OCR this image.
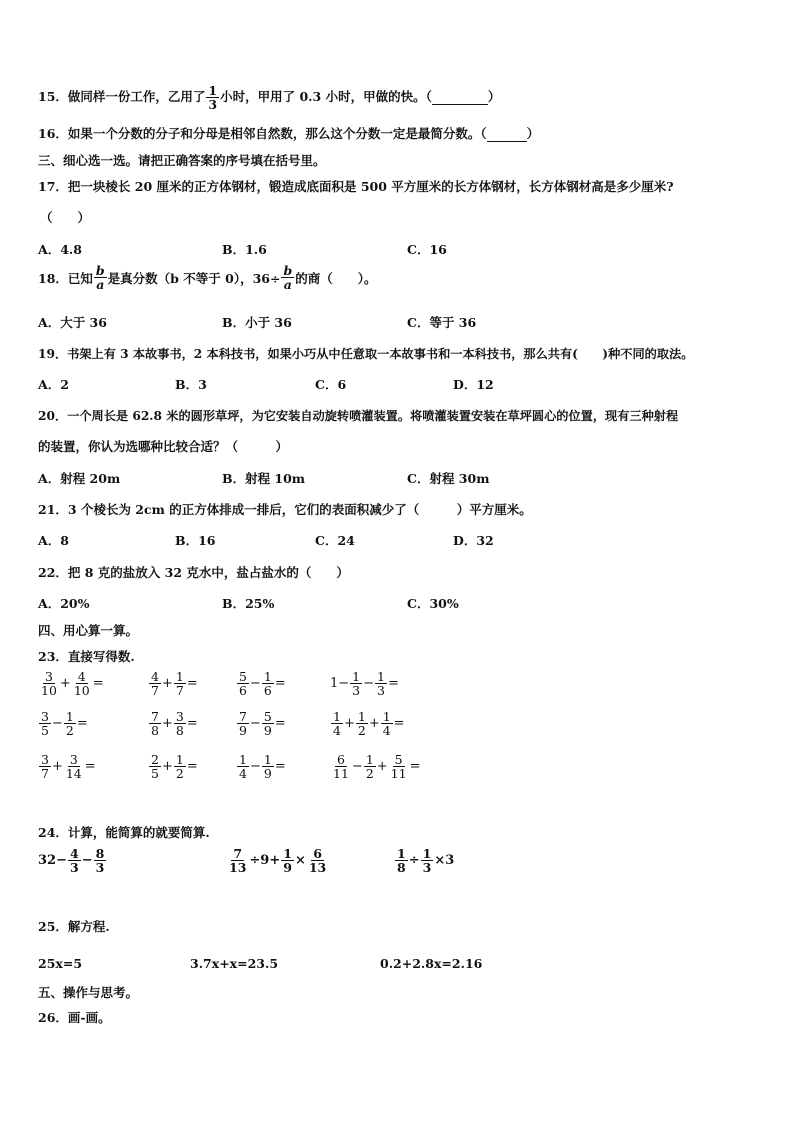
15．做同样一份工作，乙用了 $\frac{1}{3}$ 小时，甲用了 0.3 小时，甲做的快。（	）
16．如果一个分数的分子和分母是相邻自然数，那么这个分数一定是最简分数。（	）
三、细心选一选。请把正确答案的序号填在括号里。
17．把一块棱长 20 厘米的正方体钢材，锻造成底面积是 500 平方厘米的长方体钢材，长方体钢材高是多少厘米?
（　　）
A．4.8	B．1.6	C．16
18． 已知 $\frac{b}{a}$ 是真分数（b 不等于 0），$36\div \frac{b}{a}$ 的商（　　）。
A．大于 36	B．小于 36	C．等于 36
19．书架上有 3 本故事书，2 本科技书，如果小巧从中任意取一本故事书和一本科技书，那么共有(　　)种不同的取法。
A．2	B．3	C．6	D．12
20．一个周长是 62.8 米的圆形草坪，为它安装自动旋转喷灌装置。将喷灌装置安装在草坪圆心的位置，现有三种射程
的装置，你认为选哪种比较合适？（　　　）
A．射程 20m	B．射程 10m	C．射程 30m
21．3 个棱长为 2cm 的正方体排成一排后，它们的表面积减少了（　　　）平方厘米。
A．8	B．16	C．24	D．32
22．把 8 克的盐放入 32 克水中，盐占盐水的（　　）
A．20%	B．25%	C．30%
四、用心算一算。
23．直接写得数.
$\frac{3}{10} + \frac{4}{10}$ =	$\frac{4}{7} + \frac{1}{7}$ =	$\frac{5}{6} - \frac{1}{6}$ =	$1- \frac{1}{3} - \frac{1}{3}$ =
$\frac{3}{5} - \frac{1}{2}$ =	$\frac{7}{8} + \frac{3}{8}$ =	$\frac{7}{9} - \frac{5}{9}$ =	$\frac{1}{4} + \frac{1}{2} + \frac{1}{4}$ =
$\frac{3}{7} + \frac{3}{14}$ =	$\frac{2}{5} + \frac{1}{2}$ =	$\frac{1}{4} - \frac{1}{9}$ =	$\frac{6}{11} - \frac{1}{2} + \frac{5}{11}$ =
24．计算，能简算的就要简算.
$32- \frac{4}{3} - \frac{8}{3}$	$\frac{7}{13} \div 9+ \frac{1}{9} \times \frac{6}{13}$	$\frac{1}{8} \div \frac{1}{3} \times 3$
25．解方程.
25x=5	3.7x+x=23.5	0.2+2.8x=2.16
五、操作与思考。
26．画-画。
